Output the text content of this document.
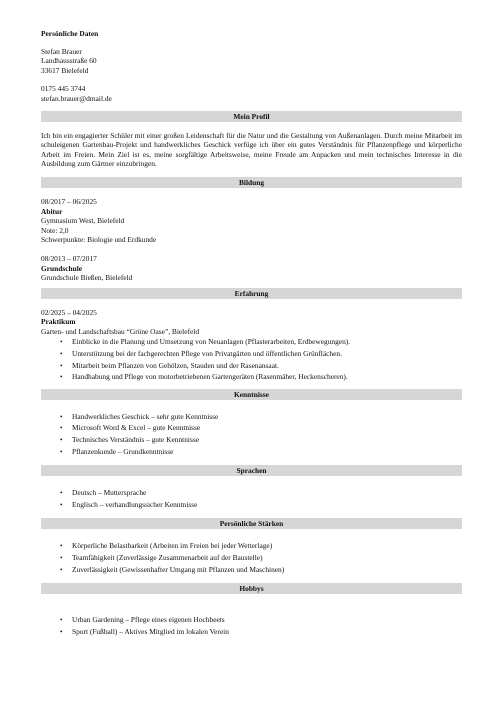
Persönliche Daten
Stefan Brauer
Landhausstraße 60
33617 Bielefeld
0175 445 3744
stefan.brauer@dmail.de
Mein Profil
Ich bin ein engagierter Schüler mit einer großen Leidenschaft für die Natur und die Gestaltung von Außenanlagen. Durch meine Mitarbeit im schuleigenen Gartenbau-Projekt und handwerkliches Geschick verfüge ich über ein gutes Verständnis für Pflanzenpflege und körperliche Arbeit im Freien. Mein Ziel ist es, meine sorgfältige Arbeitsweise, meine Freude am Anpacken und mein technisches Interesse in die Ausbildung zum Gärtner einzubringen.
Bildung
08/2017 – 06/2025
Abitur
Gymnasium West, Bielefeld
Note: 2,0
Schwerpunkte: Biologie und Erdkunde
08/2013 – 07/2017
Grundschule
Grundschule Bießen, Bielefeld
Erfahrung
02/2025 – 04/2025
Praktikum
Garten- und Landschaftsbau “Grüne Oase”, Bielefeld
• Einblicke in die Planung und Umsetzung von Neuanlagen (Pflasterarbeiten, Erdbewegungen).
• Unterstützung bei der fachgerechten Pflege von Privatgärten und öffentlichen Grünflächen.
• Mitarbeit beim Pflanzen von Gehölzen, Stauden und der Rasenansaat.
• Handhabung und Pflege von motorbetriebenen Gartengeräten (Rasenmäher, Heckenscheren).
Kenntnisse
• Handwerkliches Geschick – sehr gute Kenntnisse
• Microsoft Word & Excel – gute Kenntnisse
• Technisches Verständnis – gute Kenntnisse
• Pflanzenkunde – Grundkenntnisse
Sprachen
• Deutsch – Muttersprache
• Englisch – verhandlungssicher Kenntnisse
Persönliche Stärken
• Körperliche Belastbarkeit (Arbeiten im Freien bei jeder Wetterlage)
• Teamfähigkeit (Zuverlässige Zusammenarbeit auf der Baustelle)
• Zuverlässigkeit (Gewissenhafter Umgang mit Pflanzen und Maschinen)
Hobbys
• Urban Gardening – Pflege eines eigenen Hochbeets
• Sport (Fußball) – Aktives Mitglied im lokalen Verein
